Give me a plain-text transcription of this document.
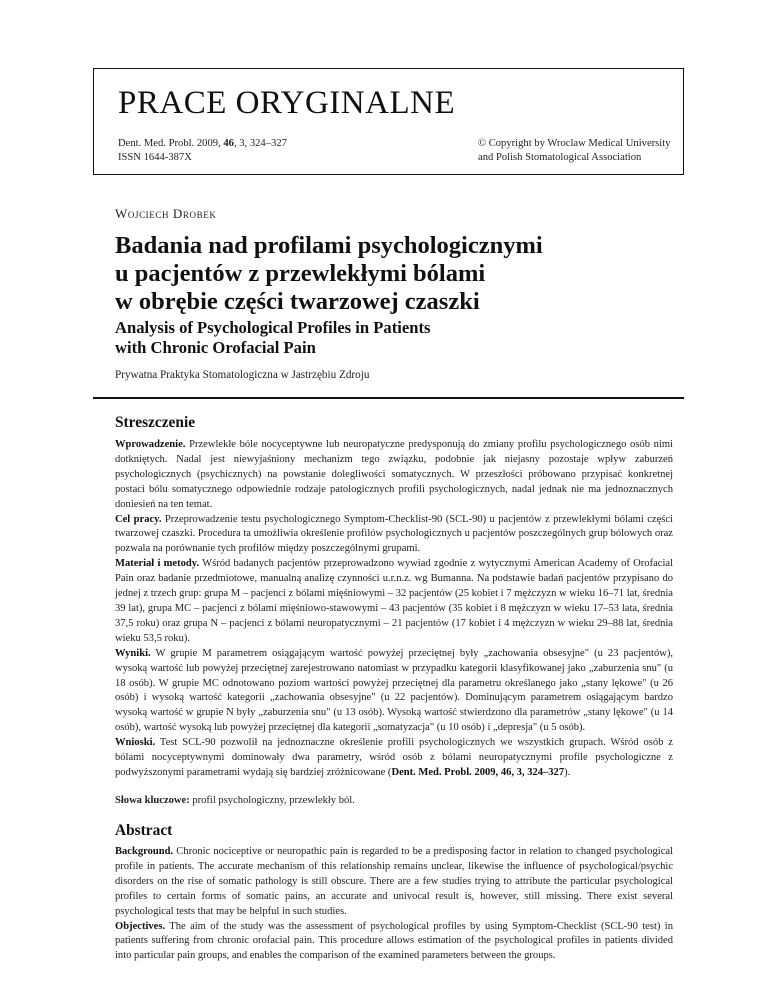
PRACE ORYGINALNE
Dent. Med. Probl. 2009, 46, 3, 324–327
ISSN 1644-387X
© Copyright by Wroclaw Medical University
and Polish Stomatological Association
Wojciech Drobek
Badania nad profilami psychologicznymi
u pacjentów z przewlekłymi bólami
w obrębie części twarzowej czaszki
Analysis of Psychological Profiles in Patients
with Chronic Orofacial Pain
Prywatna Praktyka Stomatologiczna w Jastrzębiu Zdroju
Streszczenie

Wprowadzenie. Przewlekłe bóle nocyceptywne lub neuropatyczne predysponują do zmiany profilu psychologicznego osób nimi dotkniętych. Nadal jest niewyjaśniony mechanizm tego związku, podobnie jak niejasny pozostaje wpływ zaburzeń psychologicznych (psychicznych) na powstanie dolegliwości somatycznych. W przeszłości próbowano przypisać konkretnej postaci bólu somatycznego odpowiednie rodzaje patologicznych profili psychologicznych, nadal jednak nie ma jednoznacznych doniesień na ten temat.

Cel pracy. Przeprowadzenie testu psychologicznego Symptom-Checklist-90 (SCL-90) u pacjentów z przewlekłymi bólami części twarzowej czaszki. Procedura ta umożliwia określenie profilów psychologicznych u pacjentów poszczególnych grup bólowych oraz pozwala na porównanie tych profilów między poszczególnymi grupami.

Materiał i metody. Wśród badanych pacjentów przeprowadzono wywiad zgodnie z wytycznymi American Academy of Orofacial Pain oraz badanie przedmiotowe, manualną analizę czynności u.r.n.z. wg Bumanna. Na podstawie badań pacjentów przypisano do jednej z trzech grup: grupa M – pacjenci z bólami mięśniowymi – 32 pacjentów (25 kobiet i 7 mężczyzn w wieku 16–71 lat, średnia 39 lat), grupa MC – pacjenci z bólami mięśniowo-stawowymi – 43 pacjentów (35 kobiet i 8 mężczyzn w wieku 17–53 lata, średnia 37,5 roku) oraz grupa N – pacjenci z bólami neuropatycznymi – 21 pacjentów (17 kobiet i 4 mężczyzn w wieku 29–88 lat, średnia wieku 53,5 roku).

Wyniki. W grupie M parametrem osiągającym wartość powyżej przeciętnej były „zachowania obsesyjne" (u 23 pacjentów), wysoką wartość lub powyżej przeciętnej zarejestrowano natomiast w przypadku kategorii klasyfikowanej jako „zaburzenia snu" (u 18 osób). W grupie MC odnotowano poziom wartości powyżej przeciętnej dla parametru określanego jako „stany lękowe" (u 26 osób) i wysoką wartość kategorii „zachowania obsesyjne" (u 22 pacjentów). Dominującym parametrem osiągającym bardzo wysoką wartość w grupie N były „zaburzenia snu" (u 13 osób). Wysoką wartość stwierdzono dla parametrów „stany lękowe" (u 14 osób), wartość wysoką lub powyżej przeciętnej dla kategorii „somatyzacja" (u 10 osób) i „depresja" (u 5 osób).

Wnioski. Test SCL-90 pozwolił na jednoznaczne określenie profili psychologicznych we wszystkich grupach. Wśród osób z bólami nocyceptywnymi dominowały dwa parametry, wśród osób z bólami neuropatycznymi profile psychologiczne z podwyższonymi parametrami wydają się bardziej zróżnicowane (Dent. Med. Probl. 2009, 46, 3, 324–327).

Słowa kluczowe: profil psychologiczny, przewlekły ból.
Abstract

Background. Chronic nociceptive or neuropathic pain is regarded to be a predisposing factor in relation to changed psychological profile in patients. The accurate mechanism of this relationship remains unclear, likewise the influence of psychological/psychic disorders on the rise of somatic pathology is still obscure. There are a few studies trying to attribute the particular psychological profiles to certain forms of somatic pains, an accurate and univocal result is, however, still missing. There exist several psychological tests that may be helpful in such studies.

Objectives. The aim of the study was the assessment of psychological profiles by using Symptom-Checklist (SCL-90 test) in patients suffering from chronic orofacial pain. This procedure allows estimation of the psychological profiles in patients divided into particular pain groups, and enables the comparison of the examined parameters between the groups.
